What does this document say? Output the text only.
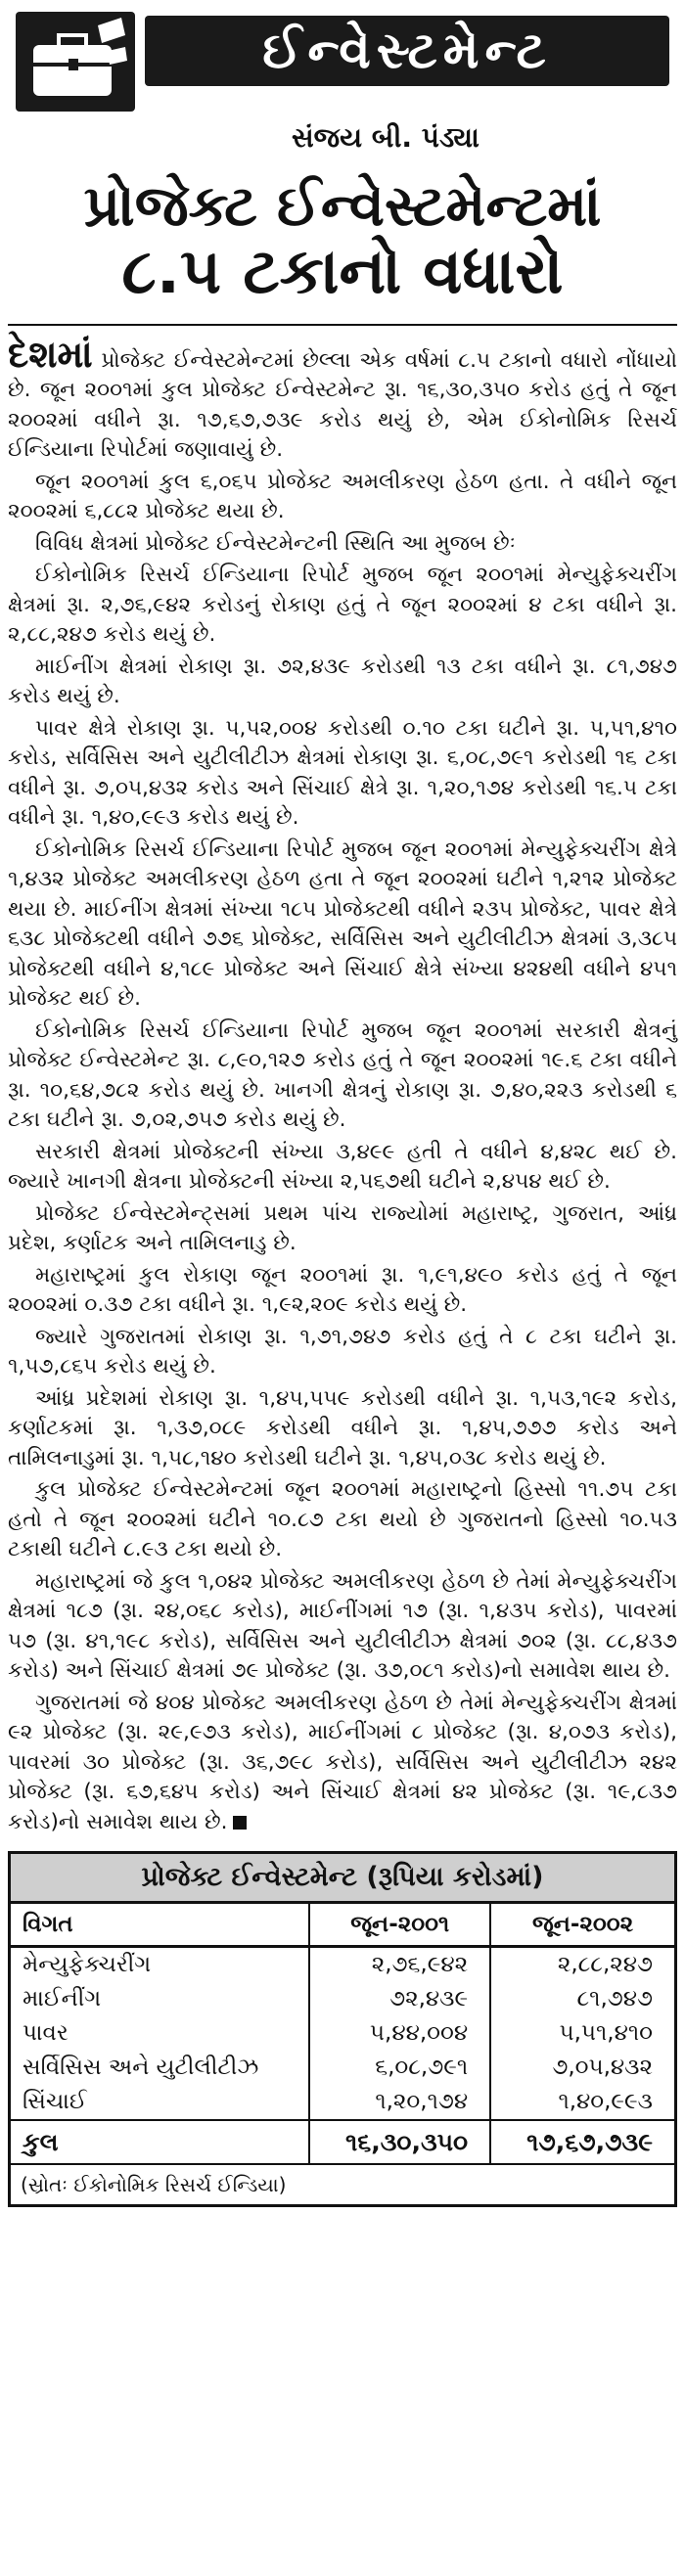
ઈન્વેસ્ટમેન્ટ
સંજય બી. પંડ્યા
પ્રોજેક્ટ ઈન્વેસ્ટમેન્ટમાં
૮.૫ ટકાનો વધારો

દેશમાં પ્રોજેક્ટ ઈન્વેસ્ટમેન્ટમાં છેલ્લા એક વર્ષમાં ૮.૫ ટકાનો વધારો નોંધાયો છે. જૂન ૨૦૦૧માં કુલ પ્રોજેક્ટ ઈન્વેસ્ટમેન્ટ રૂા. ૧૬,૩૦,૩૫૦ કરોડ હતું તે જૂન ૨૦૦૨માં વધીને રૂા. ૧૭,૬૭,૭૩૯ કરોડ થયું છે, એમ ઈકોનોમિક રિસર્ચ ઈન્ડિયાના રિપોર્ટમાં જણાવાયું છે.

જૂન ૨૦૦૧માં કુલ ૬,૦૬૫ પ્રોજેક્ટ અમલીકરણ હેઠળ હતા. તે વધીને જૂન ૨૦૦૨માં ૬,૮૮૨ પ્રોજેક્ટ થયા છે.

વિવિધ ક્ષેત્રમાં પ્રોજેક્ટ ઈન્વેસ્ટમેન્ટની સ્થિતિ આ મુજબ છેઃ

ઈકોનોમિક રિસર્ચ ઈન્ડિયાના રિપોર્ટ મુજબ જૂન ૨૦૦૧માં મેન્યુફેક્ચરીંગ ક્ષેત્રમાં રૂા. ૨,૭૬,૯૪૨ કરોડનું રોકાણ હતું તે જૂન ૨૦૦૨માં ૪ ટકા વધીને રૂા. ૨,૮૮,૨૪૭ કરોડ થયું છે.

માઈનીંગ ક્ષેત્રમાં રોકાણ રૂા. ૭૨,૪૩૯ કરોડથી ૧૩ ટકા વધીને રૂા. ૮૧,૭૪૭ કરોડ થયું છે.

પાવર ક્ષેત્રે રોકાણ રૂા. ૫,૫૨,૦૦૪ કરોડથી ૦.૧૦ ટકા ઘટીને રૂા. ૫,૫૧,૪૧૦ કરોડ, સર્વિસિસ અને યુટીલીટીઝ ક્ષેત્રમાં રોકાણ રૂા. ૬,૦૮,૭૯૧ કરોડથી ૧૬ ટકા વધીને રૂા. ૭,૦૫,૪૩૨ કરોડ અને સિંચાઈ ક્ષેત્રે રૂા. ૧,૨૦,૧૭૪ કરોડથી ૧૬.૫ ટકા વધીને રૂા. ૧,૪૦,૯૯૩ કરોડ થયું છે.

ઈકોનોમિક રિસર્ચ ઈન્ડિયાના રિપોર્ટ મુજબ જૂન ૨૦૦૧માં મેન્યુફેક્ચરીંગ ક્ષેત્રે ૧,૪૩૨ પ્રોજેક્ટ અમલીકરણ હેઠળ હતા તે જૂન ૨૦૦૨માં ઘટીને ૧,૨૧૨ પ્રોજેક્ટ થયા છે. માઈનીંગ ક્ષેત્રમાં સંખ્યા ૧૮૫ પ્રોજેક્ટથી વધીને ૨૩૫ પ્રોજેક્ટ, પાવર ક્ષેત્રે ૬૩૮ પ્રોજેક્ટથી વધીને ૭૭૬ પ્રોજેક્ટ, સર્વિસિસ અને યુટીલીટીઝ ક્ષેત્રમાં ૩,૩૮૫ પ્રોજેક્ટથી વધીને ૪,૧૮૯ પ્રોજેક્ટ અને સિંચાઈ ક્ષેત્રે સંખ્યા ૪૨૪થી વધીને ૪૫૧ પ્રોજેક્ટ થઈ છે.

ઈકોનોમિક રિસર્ચ ઈન્ડિયાના રિપોર્ટ મુજબ જૂન ૨૦૦૧માં સરકારી ક્ષેત્રનું પ્રોજેક્ટ ઈન્વેસ્ટમેન્ટ રૂા. ૮,૯૦,૧૨૭ કરોડ હતું તે જૂન ૨૦૦૨માં ૧૯.૬ ટકા વધીને રૂા. ૧૦,૬૪,૭૮૨ કરોડ થયું છે. ખાનગી ક્ષેત્રનું રોકાણ રૂા. ૭,૪૦,૨૨૩ કરોડથી ૬ ટકા ઘટીને રૂા. ૭,૦૨,૭૫૭ કરોડ થયું છે.

સરકારી ક્ષેત્રમાં પ્રોજેક્ટની સંખ્યા ૩,૪૯૯ હતી તે વધીને ૪,૪૨૮ થઈ છે. જ્યારે ખાનગી ક્ષેત્રના પ્રોજેક્ટની સંખ્યા ૨,૫૬૭થી ઘટીને ૨,૪૫૪ થઈ છે.

પ્રોજેક્ટ ઈન્વેસ્ટમેન્ટ્સમાં પ્રથમ પાંચ રાજ્યોમાં મહારાષ્ટ્ર, ગુજરાત, આંધ્ર પ્રદેશ, કર્ણાટક અને તામિલનાડુ છે.

મહારાષ્ટ્રમાં કુલ રોકાણ જૂન ૨૦૦૧માં રૂા. ૧,૯૧,૪૯૦ કરોડ હતું તે જૂન ૨૦૦૨માં ૦.૩૭ ટકા વધીને રૂા. ૧,૯૨,૨૦૯ કરોડ થયું છે.

જ્યારે ગુજરાતમાં રોકાણ રૂા. ૧,૭૧,૭૪૭ કરોડ હતું તે ૮ ટકા ઘટીને રૂા. ૧,૫૭,૮૬૫ કરોડ થયું છે.

આંધ્ર પ્રદેશમાં રોકાણ રૂા. ૧,૪૫,૫૫૯ કરોડથી વધીને રૂા. ૧,૫૩,૧૯૨ કરોડ, કર્ણાટકમાં રૂા. ૧,૩૭,૦૮૯ કરોડથી વધીને રૂા. ૧,૪૫,૭૭૭ કરોડ અને તામિલનાડુમાં રૂા. ૧,૫૮,૧૪૦ કરોડથી ઘટીને રૂા. ૧,૪૫,૦૩૮ કરોડ થયું છે.

કુલ પ્રોજેક્ટ ઈન્વેસ્ટમેન્ટમાં જૂન ૨૦૦૧માં મહારાષ્ટ્રનો હિસ્સો ૧૧.૭૫ ટકા હતો તે જૂન ૨૦૦૨માં ઘટીને ૧૦.૮૭ ટકા થયો છે ગુજરાતનો હિસ્સો ૧૦.૫૩ ટકાથી ઘટીને ૮.૯૩ ટકા થયો છે.

મહારાષ્ટ્રમાં જે કુલ ૧,૦૪૨ પ્રોજેક્ટ અમલીકરણ હેઠળ છે તેમાં મેન્યુફેક્ચરીંગ ક્ષેત્રમાં ૧૮૭ (રૂા. ૨૪,૦૬૮ કરોડ), માઈનીંગમાં ૧૭ (રૂા. ૧,૪૩૫ કરોડ), પાવરમાં ૫૭ (રૂા. ૪૧,૧૯૮ કરોડ), સર્વિસિસ અને યુટીલીટીઝ ક્ષેત્રમાં ૭૦૨ (રૂા. ૮૮,૪૩૭ કરોડ) અને સિંચાઈ ક્ષેત્રમાં ૭૯ પ્રોજેક્ટ (રૂા. ૩૭,૦૮૧ કરોડ)નો સમાવેશ થાય છે.

ગુજરાતમાં જે ૪૦૪ પ્રોજેક્ટ અમલીકરણ હેઠળ છે તેમાં મેન્યુફેક્ચરીંગ ક્ષેત્રમાં ૯૨ પ્રોજેક્ટ (રૂા. ૨૯,૯૭૩ કરોડ), માઈનીંગમાં ૮ પ્રોજેક્ટ (રૂા. ૪,૦૭૩ કરોડ), પાવરમાં ૩૦ પ્રોજેક્ટ (રૂા. ૩૬,૭૯૮ કરોડ), સર્વિસિસ અને યુટીલીટીઝ ૨૪૨ પ્રોજેક્ટ (રૂા. ૬૭,૬૪૫ કરોડ) અને સિંચાઈ ક્ષેત્રમાં ૪૨ પ્રોજેક્ટ (રૂા. ૧૯,૮૩૭ કરોડ)નો સમાવેશ થાય છે.

પ્રોજેક્ટ ઈન્વેસ્ટમેન્ટ (રૂપિયા કરોડમાં)
વિગત	જૂન-૨૦૦૧	જૂન-૨૦૦૨
મેન્યુફેક્ચરીંગ	૨,૭૬,૯૪૨	૨,૮૮,૨૪૭
માઈનીંગ	૭૨,૪૩૯	૮૧,૭૪૭
પાવર	૫,૪૪,૦૦૪	૫,૫૧,૪૧૦
સર્વિસિસ અને યુટીલીટીઝ	૬,૦૮,૭૯૧	૭,૦૫,૪૩૨
સિંચાઈ	૧,૨૦,૧૭૪	૧,૪૦,૯૯૩
કુલ	૧૬,૩૦,૩૫૦	૧૭,૬૭,૭૩૯
(સ્રોતઃ ઈકોનોમિક રિસર્ચ ઈન્ડિયા)
